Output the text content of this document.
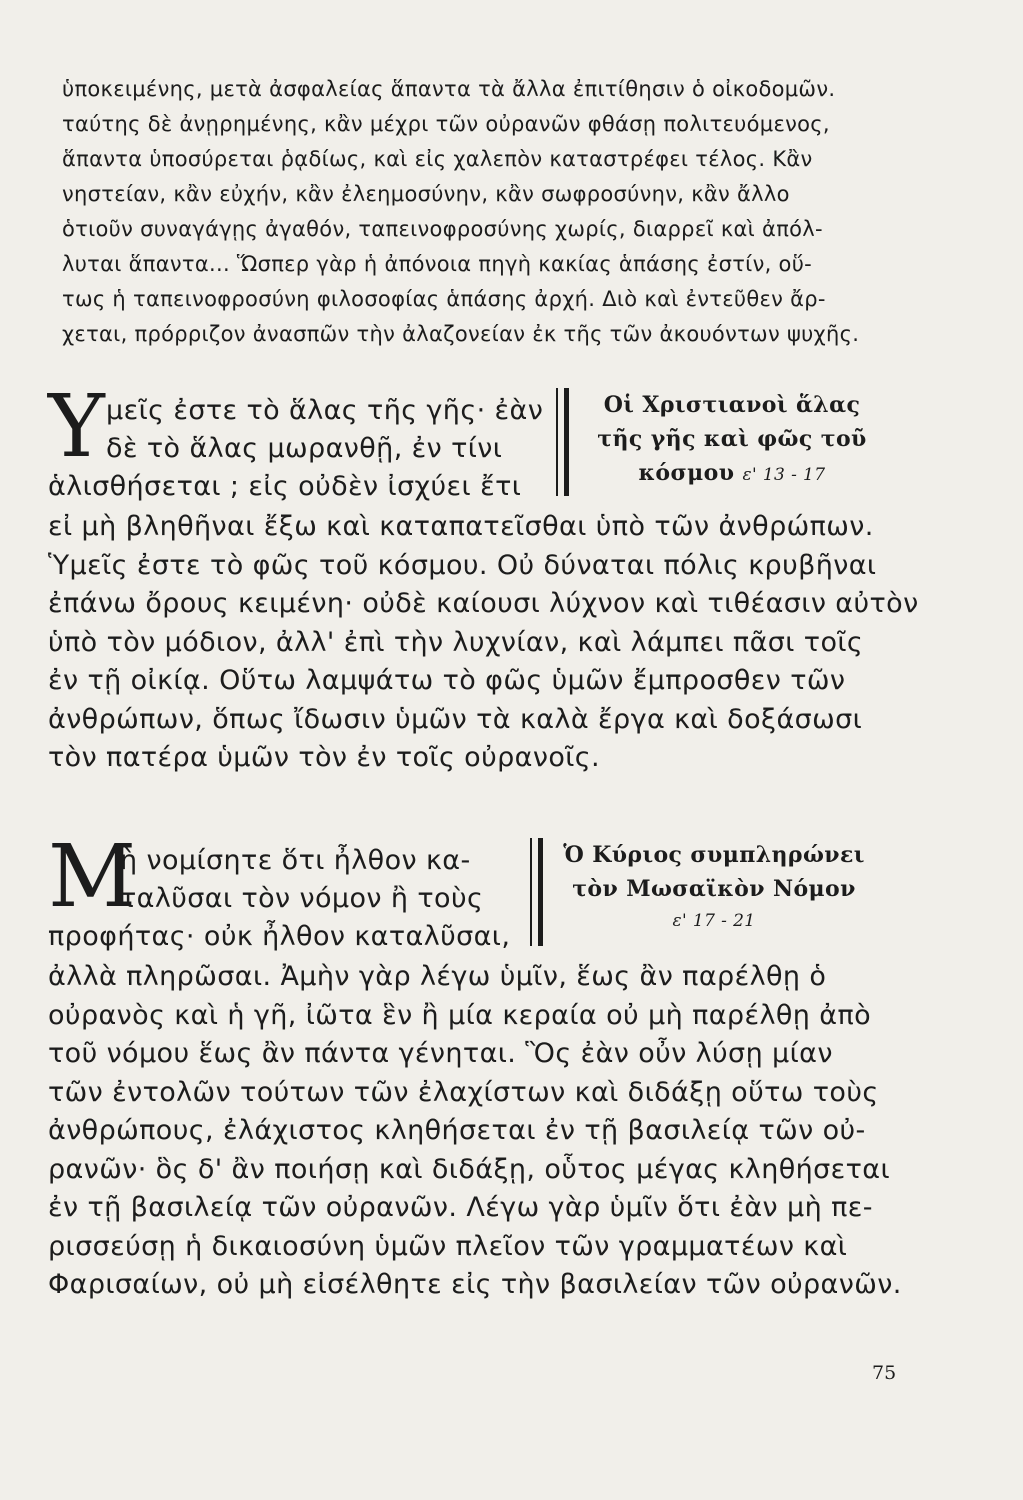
ὑποκειμένης, μετὰ ἀσφαλείας ἅπαντα τὰ ἄλλα ἐπιτίθησιν ὁ οἰκοδομῶν.
ταύτης δὲ ἀνῃρημένης, κἂν μέχρι τῶν οὐρανῶν φθάσῃ πολιτευόμενος,
ἅπαντα ὑποσύρεται ῥᾳδίως, καὶ εἰς χαλεπὸν καταστρέφει τέλος. Κἂν
νηστείαν, κἂν εὐχήν, κἂν ἐλεημοσύνην, κἂν σωφροσύνην, κἂν ἄλλο
ὁτιοῦν συναγάγῃς ἀγαθόν, ταπεινοφροσύνης χωρίς, διαρρεῖ καὶ ἀπόλ-
λυται ἅπαντα... Ὥσπερ γὰρ ἡ ἀπόνοια πηγὴ κακίας ἁπάσης ἐστίν, οὕ-
τως ἡ ταπεινοφροσύνη φιλοσοφίας ἁπάσης ἀρχή. Διὸ καὶ ἐντεῦθεν ἄρ-
χεται, πρόρριζον ἀνασπῶν τὴν ἀλαζονείαν ἐκ τῆς τῶν ἀκουόντων ψυχῆς.
Υ μεῖς ἐστε τὸ ἅλας τῆς γῆς· ἐὰν
δὲ τὸ ἅλας μωρανθῇ, ἐν τίνι
ἁλισθήσεται ; εἰς οὐδὲν ἰσχύει ἔτι
Οἱ Χριστιανοὶ ἅλας
τῆς γῆς καὶ φῶς τοῦ
κόσμου ε' 13 - 17
εἰ μὴ βληθῆναι ἔξω καὶ καταπατεῖσθαι ὑπὸ τῶν ἀνθρώπων.
Ὑμεῖς ἐστε τὸ φῶς τοῦ κόσμου. Οὐ δύναται πόλις κρυβῆναι
ἐπάνω ὄρους κειμένη· οὐδὲ καίουσι λύχνον καὶ τιθέασιν αὐτὸν
ὑπὸ τὸν μόδιον, ἀλλ' ἐπὶ τὴν λυχνίαν, καὶ λάμπει πᾶσι τοῖς
ἐν τῇ οἰκίᾳ. Οὕτω λαμψάτω τὸ φῶς ὑμῶν ἔμπροσθεν τῶν
ἀνθρώπων, ὅπως ἴδωσιν ὑμῶν τὰ καλὰ ἔργα καὶ δοξάσωσι
τὸν πατέρα ὑμῶν τὸν ἐν τοῖς οὐρανοῖς.
Μ
ὴ νομίσητε ὅτι ἦλθον κα-
ταλῦσαι τὸν νόμον ἢ τοὺς
προφήτας· οὐκ ἦλθον καταλῦσαι,
Ὁ Κύριος συμπληρώνει
τὸν Μωσαϊκὸν Νόμον
ε' 17 - 21
ἀλλὰ πληρῶσαι. Ἀμὴν γὰρ λέγω ὑμῖν, ἕως ἂν παρέλθῃ ὁ
οὐρανὸς καὶ ἡ γῆ, ἰῶτα ἓν ἢ μία κεραία οὐ μὴ παρέλθῃ ἀπὸ
τοῦ νόμου ἕως ἂν πάντα γένηται. Ὃς ἐὰν οὖν λύσῃ μίαν
τῶν ἐντολῶν τούτων τῶν ἐλαχίστων καὶ διδάξῃ οὕτω τοὺς
ἀνθρώπους, ἐλάχιστος κληθήσεται ἐν τῇ βασιλείᾳ τῶν οὐ-
ρανῶν· ὃς δ' ἂν ποιήσῃ καὶ διδάξῃ, οὗτος μέγας κληθήσεται
ἐν τῇ βασιλείᾳ τῶν οὐρανῶν. Λέγω γὰρ ὑμῖν ὅτι ἐὰν μὴ πε-
ρισσεύσῃ ἡ δικαιοσύνη ὑμῶν πλεῖον τῶν γραμματέων καὶ
Φαρισαίων, οὐ μὴ εἰσέλθητε εἰς τὴν βασιλείαν τῶν οὐρανῶν.
75
